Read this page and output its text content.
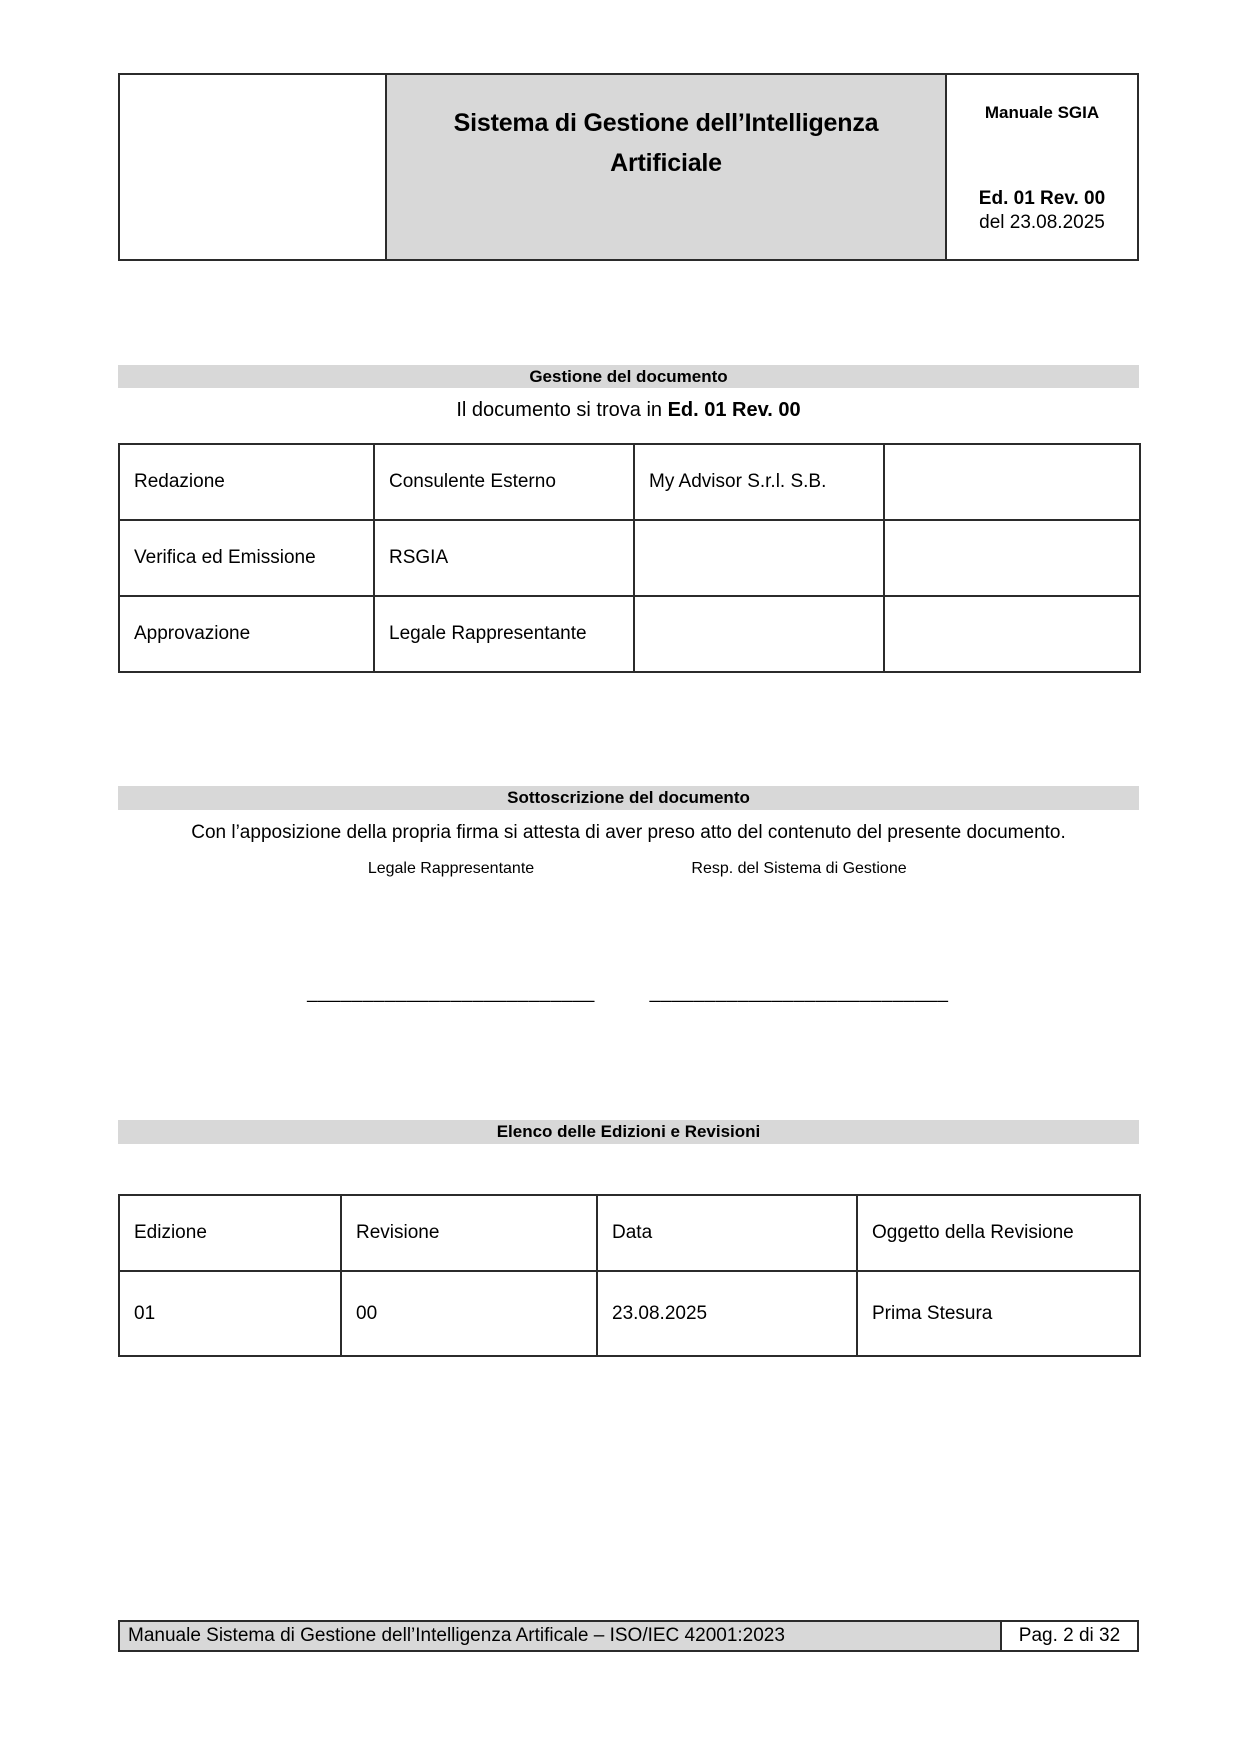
Sistema di Gestione dell’Intelligenza
Artificiale
Manuale SGIA
Ed. 01 Rev. 00
del 23.08.2025
Gestione del documento
Il documento si trova in Ed. 01 Rev. 00
Redazione	Consulente Esterno	My Advisor S.r.l. S.B.	
Verifica ed Emissione	RSGIA		
Approvazione	Legale Rappresentante		
Sottoscrizione del documento
Con l’apposizione della propria firma si attesta di aver preso atto del contenuto del presente documento.
Legale Rappresentante	Resp. del Sistema di Gestione
__________________________	___________________________
Elenco delle Edizioni e Revisioni
Edizione	Revisione	Data	Oggetto della Revisione
01	00	23.08.2025	Prima Stesura
Manuale Sistema di Gestione dell’Intelligenza Artificale – ISO/IEC 42001:2023	Pag. 2 di 32
